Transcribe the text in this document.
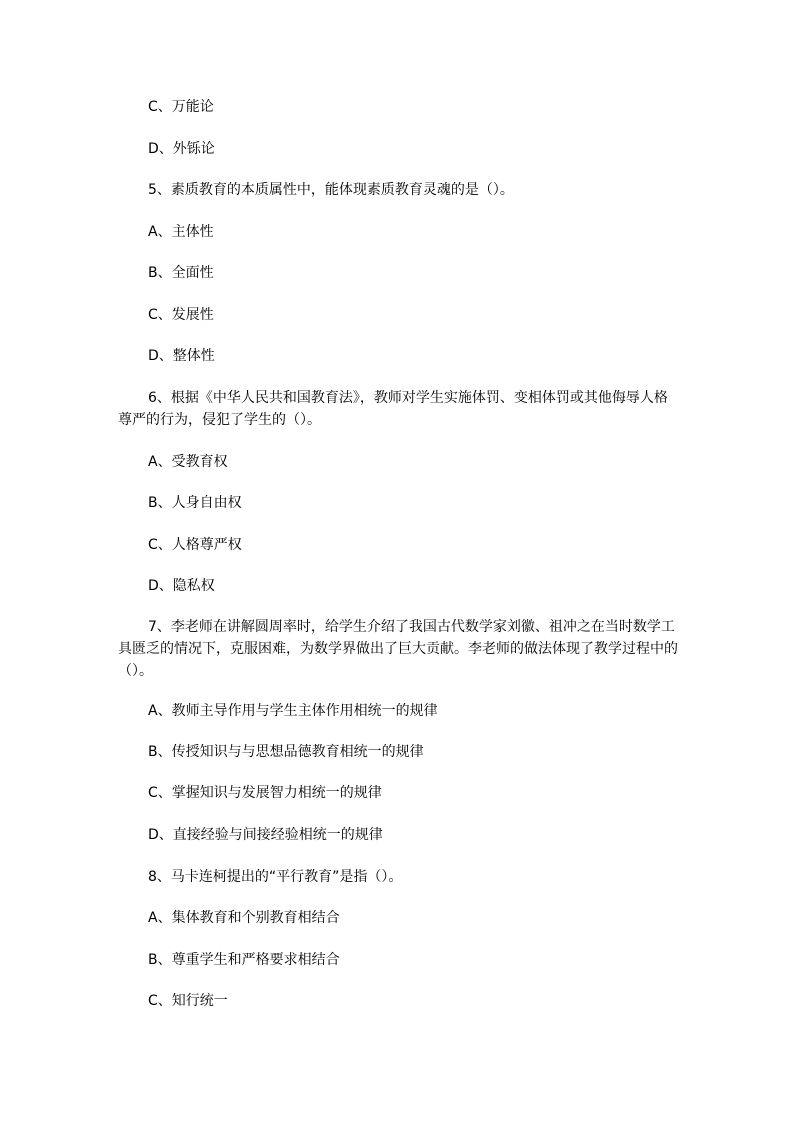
C、万能论
D、外铄论
5、素质教育的本质属性中，能体现素质教育灵魂的是（）。
A、主体性
B、全面性
C、发展性
D、整体性
6、根据《中华人民共和国教育法》，教师对学生实施体罚、变相体罚或其他侮辱人格尊严的行为，侵犯了学生的（）。
A、受教育权
B、人身自由权
C、人格尊严权
D、隐私权
7、李老师在讲解圆周率时，给学生介绍了我国古代数学家刘徽、祖冲之在当时数学工具匮乏的情况下，克服困难，为数学界做出了巨大贡献。李老师的做法体现了教学过程中的（）。
A、教师主导作用与学生主体作用相统一的规律
B、传授知识与与思想品德教育相统一的规律
C、掌握知识与发展智力相统一的规律
D、直接经验与间接经验相统一的规律
8、马卡连柯提出的“平行教育”是指（）。
A、集体教育和个别教育相结合
B、尊重学生和严格要求相结合
C、知行统一
